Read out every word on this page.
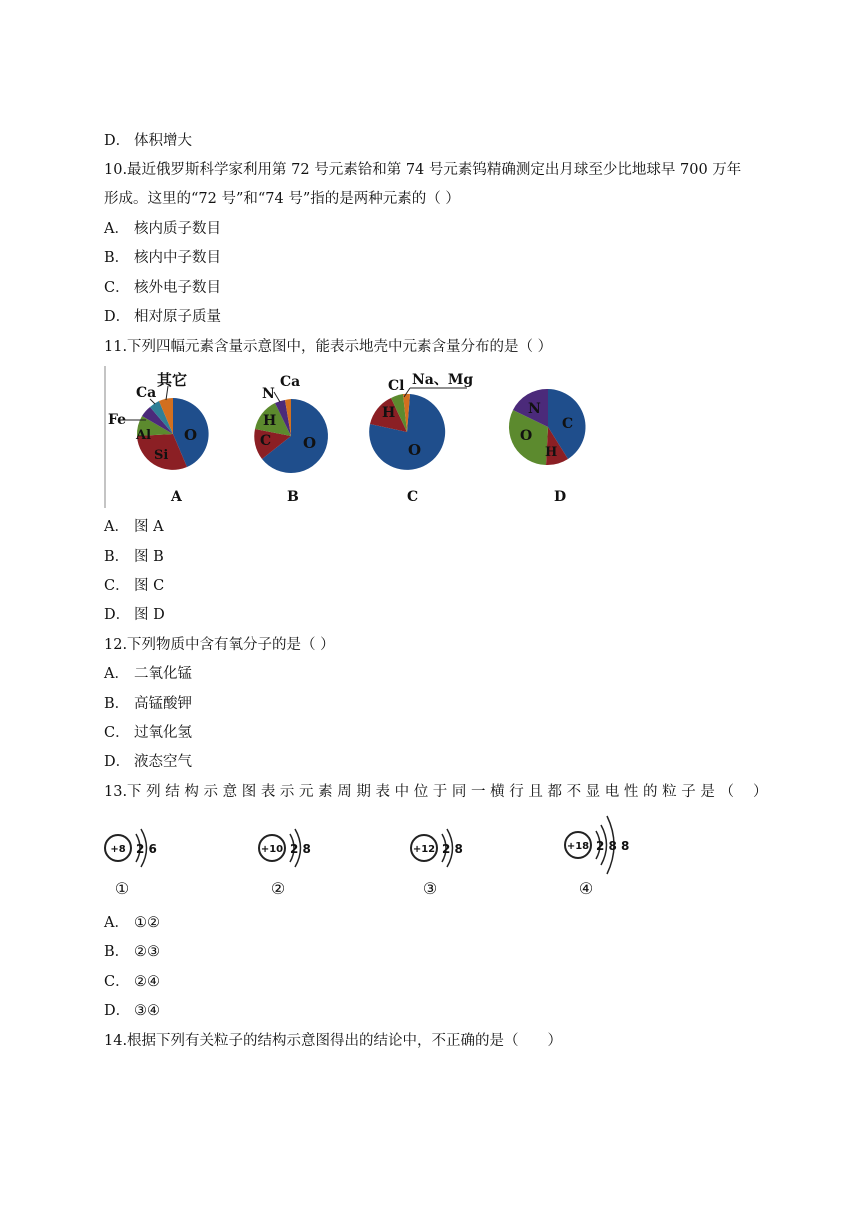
D． 体积增大
10.最近俄罗斯科学家利用第 72 号元素铪和第 74 号元素钨精确测定出月球至少比地球早 700 万年
形成。这里的“72 号”和“74 号”指的是两种元素的（ ）
A． 核内质子数目
B． 核内中子数目
C． 核外电子数目
D． 相对原子质量
11.下列四幅元素含量示意图中，能表示地壳中元素含量分布的是（ ）
其它
Ca
Fe
Al
Si
O
A
N
Ca
H
C O
B
Cl Na、Mg
H
O
C
N
C
O
H
D
A． 图 A
B． 图 B
C． 图 C
D． 图 D
12.下列物质中含有氧分子的是（ ）
A． 二氧化锰
B． 高锰酸钾
C． 过氧化氢
D． 液态空气
13.下 列 结 构 示 意 图 表 示 元 素 周 期 表 中 位 于 同 一 横 行 且 都 不 显 电 性 的 粒 子 是 （　 ）
+8 2 6
①
+10 2 8
②
+12 2 8
③
+18 2 8 8
④
A． ①②
B． ②③
C． ②④
D． ③④
14.根据下列有关粒子的结构示意图得出的结论中，不正确的是（　　）
